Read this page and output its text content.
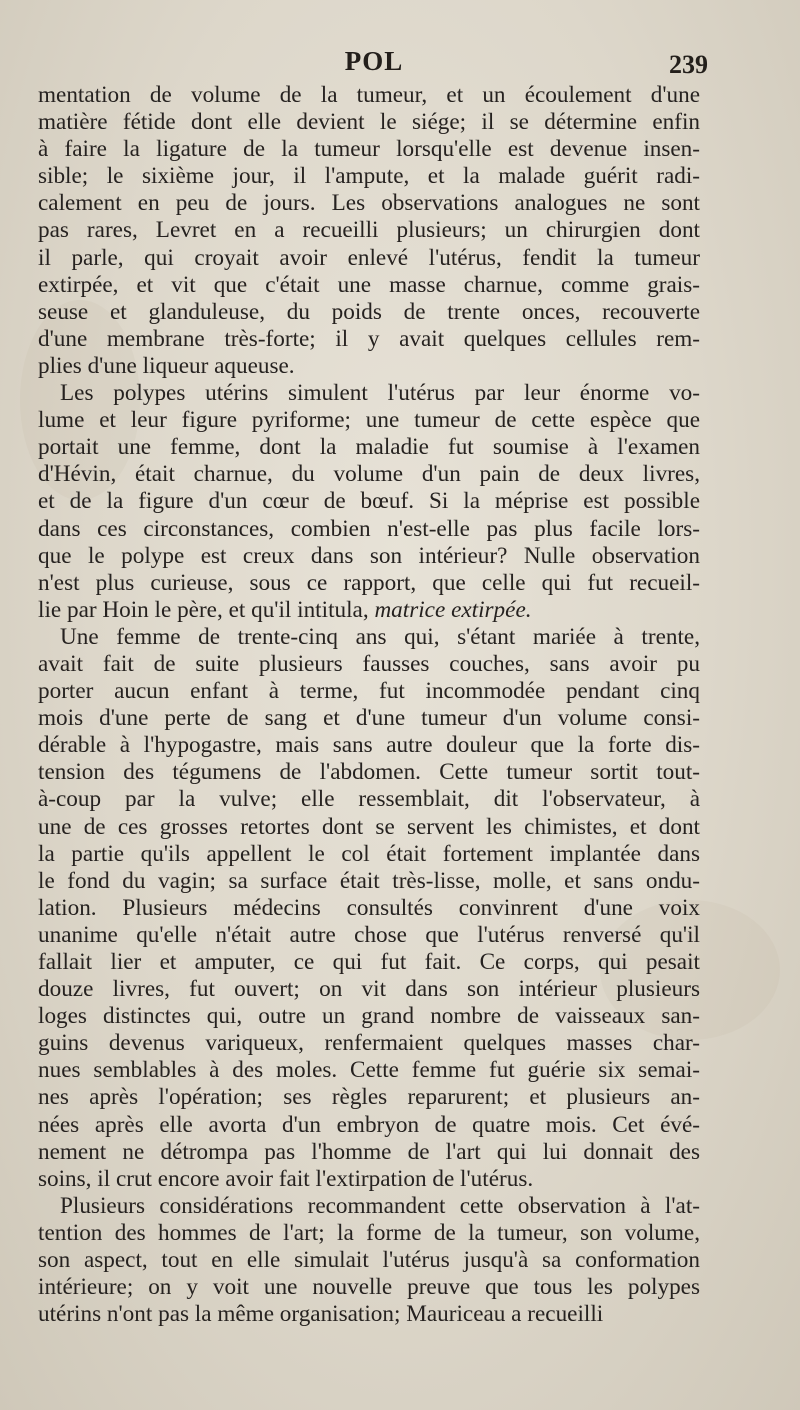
POL	239
mentation de volume de la tumeur, et un écoulement d'une
matière fétide dont elle devient le siége; il se détermine enfin
à faire la ligature de la tumeur lorsqu'elle est devenue insen-
sible; le sixième jour, il l'ampute, et la malade guérit radi-
calement en peu de jours. Les observations analogues ne sont
pas rares, Levret en a recueilli plusieurs; un chirurgien dont
il parle, qui croyait avoir enlevé l'utérus, fendit la tumeur
extirpée, et vit que c'était une masse charnue, comme grais-
seuse et glanduleuse, du poids de trente onces, recouverte
d'une membrane très-forte; il y avait quelques cellules rem-
plies d'une liqueur aqueuse.
Les polypes utérins simulent l'utérus par leur énorme vo-
lume et leur figure pyriforme; une tumeur de cette espèce que
portait une femme, dont la maladie fut soumise à l'examen
d'Hévin, était charnue, du volume d'un pain de deux livres,
et de la figure d'un cœur de bœuf. Si la méprise est possible
dans ces circonstances, combien n'est-elle pas plus facile lors-
que le polype est creux dans son intérieur? Nulle observation
n'est plus curieuse, sous ce rapport, que celle qui fut recueil-
lie par Hoin le père, et qu'il intitula, matrice extirpée.
Une femme de trente-cinq ans qui, s'étant mariée à trente,
avait fait de suite plusieurs fausses couches, sans avoir pu
porter aucun enfant à terme, fut incommodée pendant cinq
mois d'une perte de sang et d'une tumeur d'un volume consi-
dérable à l'hypogastre, mais sans autre douleur que la forte dis-
tension des tégumens de l'abdomen. Cette tumeur sortit tout-
à-coup par la vulve; elle ressemblait, dit l'observateur, à
une de ces grosses retortes dont se servent les chimistes, et dont
la partie qu'ils appellent le col était fortement implantée dans
le fond du vagin; sa surface était très-lisse, molle, et sans ondu-
lation. Plusieurs médecins consultés convinrent d'une voix
unanime qu'elle n'était autre chose que l'utérus renversé qu'il
fallait lier et amputer, ce qui fut fait. Ce corps, qui pesait
douze livres, fut ouvert; on vit dans son intérieur plusieurs
loges distinctes qui, outre un grand nombre de vaisseaux san-
guins devenus variqueux, renfermaient quelques masses char-
nues semblables à des moles. Cette femme fut guérie six semai-
nes après l'opération; ses règles reparurent; et plusieurs an-
nées après elle avorta d'un embryon de quatre mois. Cet évé-
nement ne détrompa pas l'homme de l'art qui lui donnait des
soins, il crut encore avoir fait l'extirpation de l'utérus.
Plusieurs considérations recommandent cette observation à l'at-
tention des hommes de l'art; la forme de la tumeur, son volume,
son aspect, tout en elle simulait l'utérus jusqu'à sa conformation
intérieure; on y voit une nouvelle preuve que tous les polypes
utérins n'ont pas la même organisation; Mauriceau a recueilli
